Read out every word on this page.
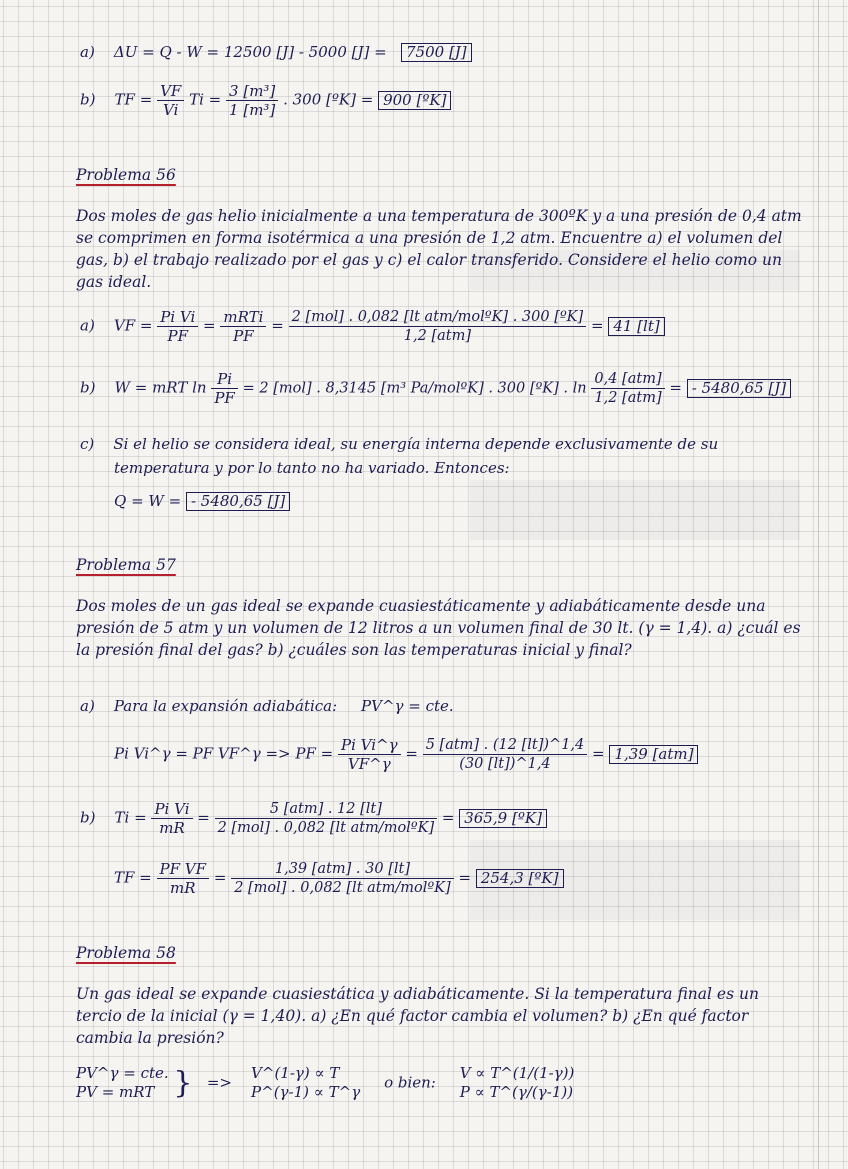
a) ΔU = Q - W = 12500 [J] - 5000 [J] = 7500 [J]
b) TF = $\frac{VF}{Vi}$ $Ti = \frac{\text{3 [m³]}}{\text{1 [m³]}}$ . 300 [ºK] = 900 [ºK]
Problema 56
Dos moles de gas helio inicialmente a una temperatura de 300ºK y a una presión de 0,4 atm se comprimen en forma isotérmica a una presión de 1,2 atm. Encuentre a) el volumen del gas, b) el trabajo realizado por el gas y c) el calor transferido. Considere el helio como un gas ideal.
a) VF = $\frac{\text{Pi Vi}}{PF} = \frac{\text{mRTi}}{PF} = \frac{\text{2 [mol] . 0,082 [lt atm/molºK] . 300 [ºK]}}{\text{1,2 [atm]}} = 41$ [lt]
b) W = mRT $\ln \frac{Pi}{PF} = 2$ [mol] . 8,3145 [m³ Pa/molºK] . 300 [ºK] . $\ln \frac{\text{0,4 [atm]}}{\text{1,2 [atm]}}$ = - 5480,65 [J]
c) Si el helio se considera ideal, su energía interna depende exclusivamente de su
temperatura y por lo tanto no ha variado. Entonces:
Q = W = - 5480,65 [J]
Problema 57
Dos moles de un gas ideal se expande cuasiestáticamente y adiabáticamente desde una presión de 5 atm y un volumen de 12 litros a un volumen final de 30 lt. (γ = 1,4). a) ¿cuál es la presión final del gas? b) ¿cuáles son las temperaturas inicial y final?
a) Para la expansión adiabática: PV^γ = cte.
Pi Vi^γ = PF VF^γ => PF = $\frac{\text{Pi Vi\textasciicircum{}γ}}{VF\^{}\gamma} = \frac{\text{5 [atm] . (12 [lt])\textasciicircum{}1,4}}{(30 [lt])\^{}1,4} = 1,39$ [atm]
b) $Ti = \frac{\text{Pi Vi}}{mR} = \frac{\text{5 [atm] . 12 [lt]}}{\text{2 [mol] . 0,082 [lt atm/molºK]}} = 365,9$ [ºK]
TF = $\frac{\text{PF VF}}{mR} = \frac{\text{1,39 [atm] . 30 [lt]}}{\text{2 [mol] . 0,082 [lt atm/molºK]}} = 254,3$ [ºK]
Problema 58
Un gas ideal se expande cuasiestática y adiabáticamente. Si la temperatura final es un tercio de la inicial (γ = 1,40). a) ¿En qué factor cambia el volumen? b) ¿En qué factor cambia la presión?
PV^γ = cte.
PV = mRT } =>
V^(1-γ) ∝ T
P^(γ-1) ∝ T^γ
o bien:
V ∝ T^(1/(1-γ))
P ∝ T^(γ/(γ-1))
